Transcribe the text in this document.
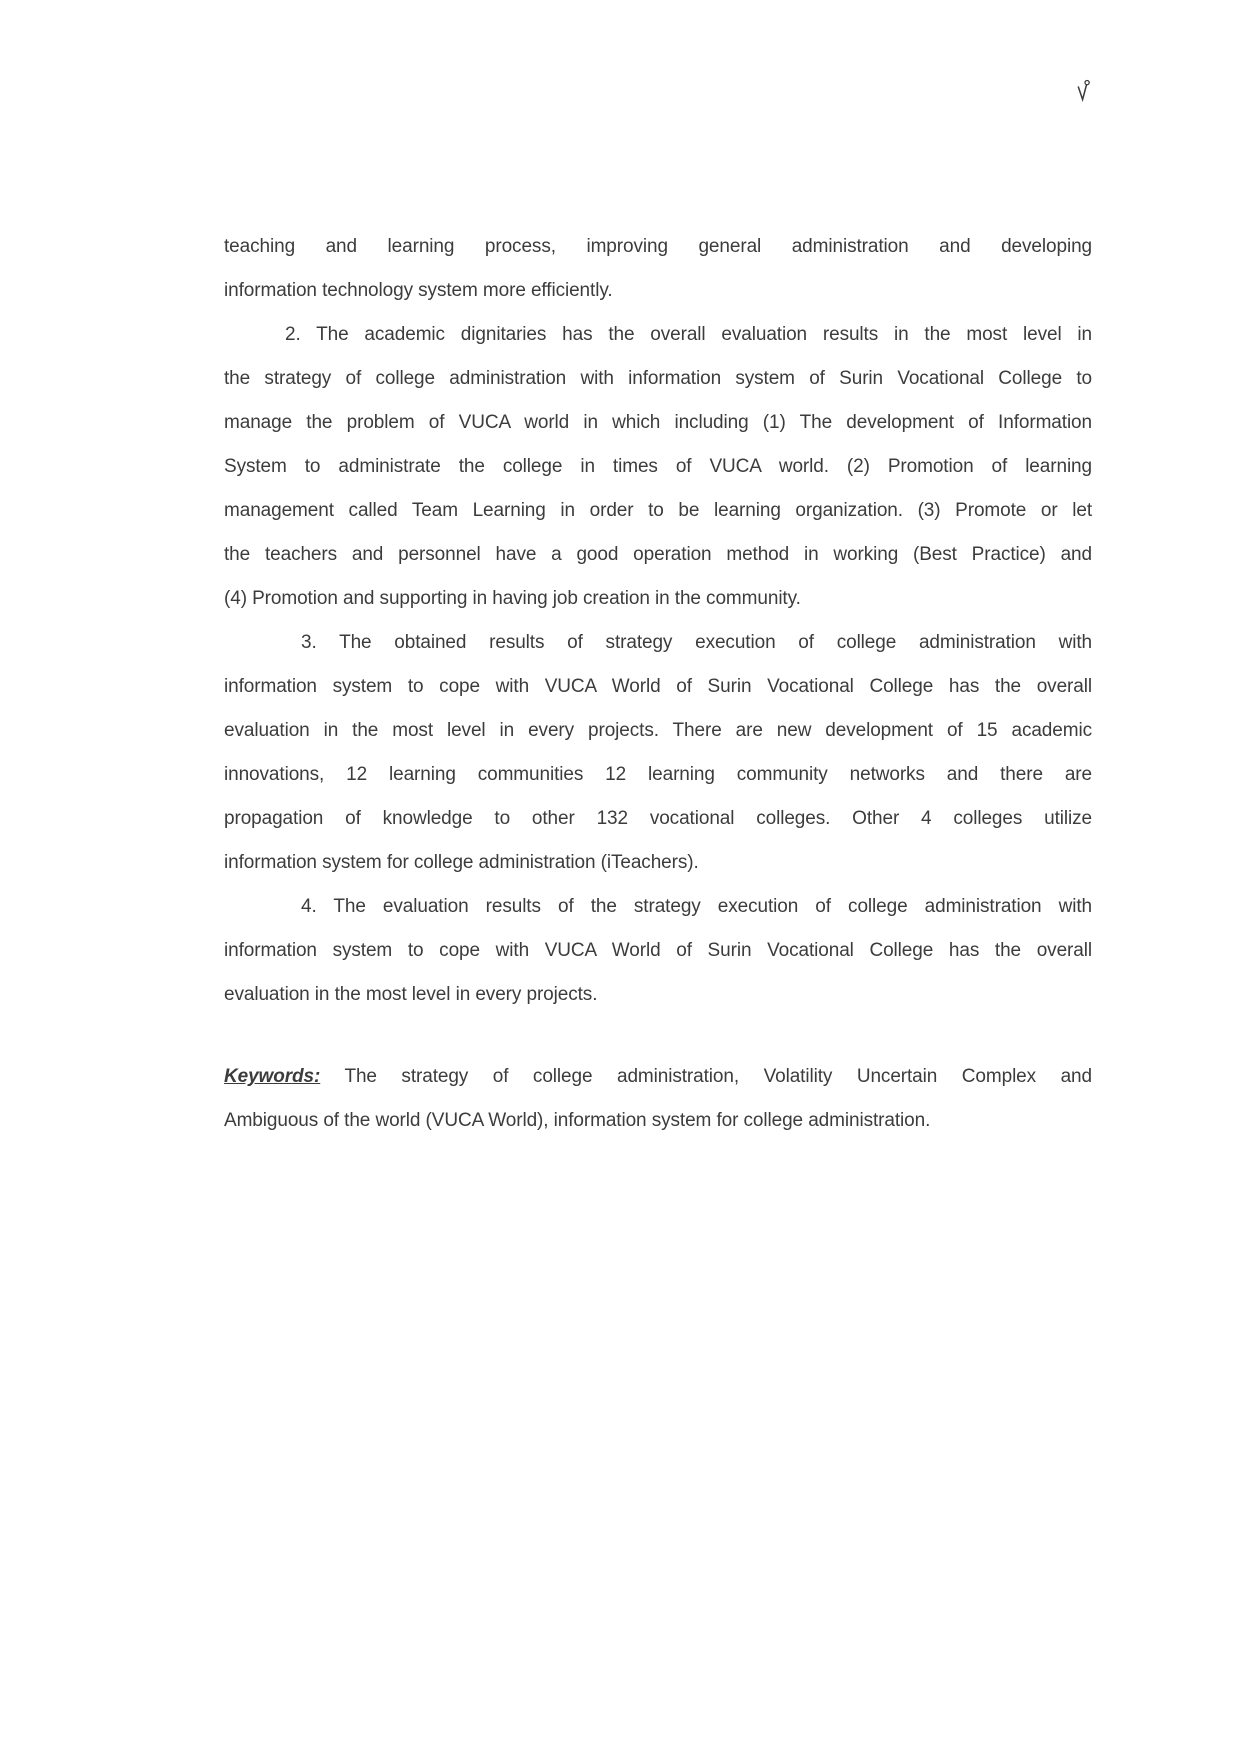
teaching and learning process, improving general administration and developing
information technology system more efficiently.
2. The academic dignitaries has the overall evaluation results in the most level in
the strategy of college administration with information system of Surin Vocational College to
manage the problem of VUCA world in which including (1) The development of Information
System to administrate the college in times of VUCA world. (2) Promotion of learning
management called Team Learning in order to be learning organization. (3) Promote or let
the teachers and personnel have a good operation method in working (Best Practice) and
(4) Promotion and supporting in having job creation in the community.
3. The obtained results of strategy execution of college administration with
information system to cope with VUCA World of Surin Vocational College has the overall
evaluation in the most level in every projects. There are new development of 15 academic
innovations, 12 learning communities 12 learning community networks and there are
propagation of knowledge to other 132 vocational colleges. Other 4 colleges utilize
information system for college administration (iTeachers).
4. The evaluation results of the strategy execution of college administration with
information system to cope with VUCA World of Surin Vocational College has the overall
evaluation in the most level in every projects.
Keywords: The strategy of college administration, Volatility Uncertain Complex and
Ambiguous of the world (VUCA World), information system for college administration.
